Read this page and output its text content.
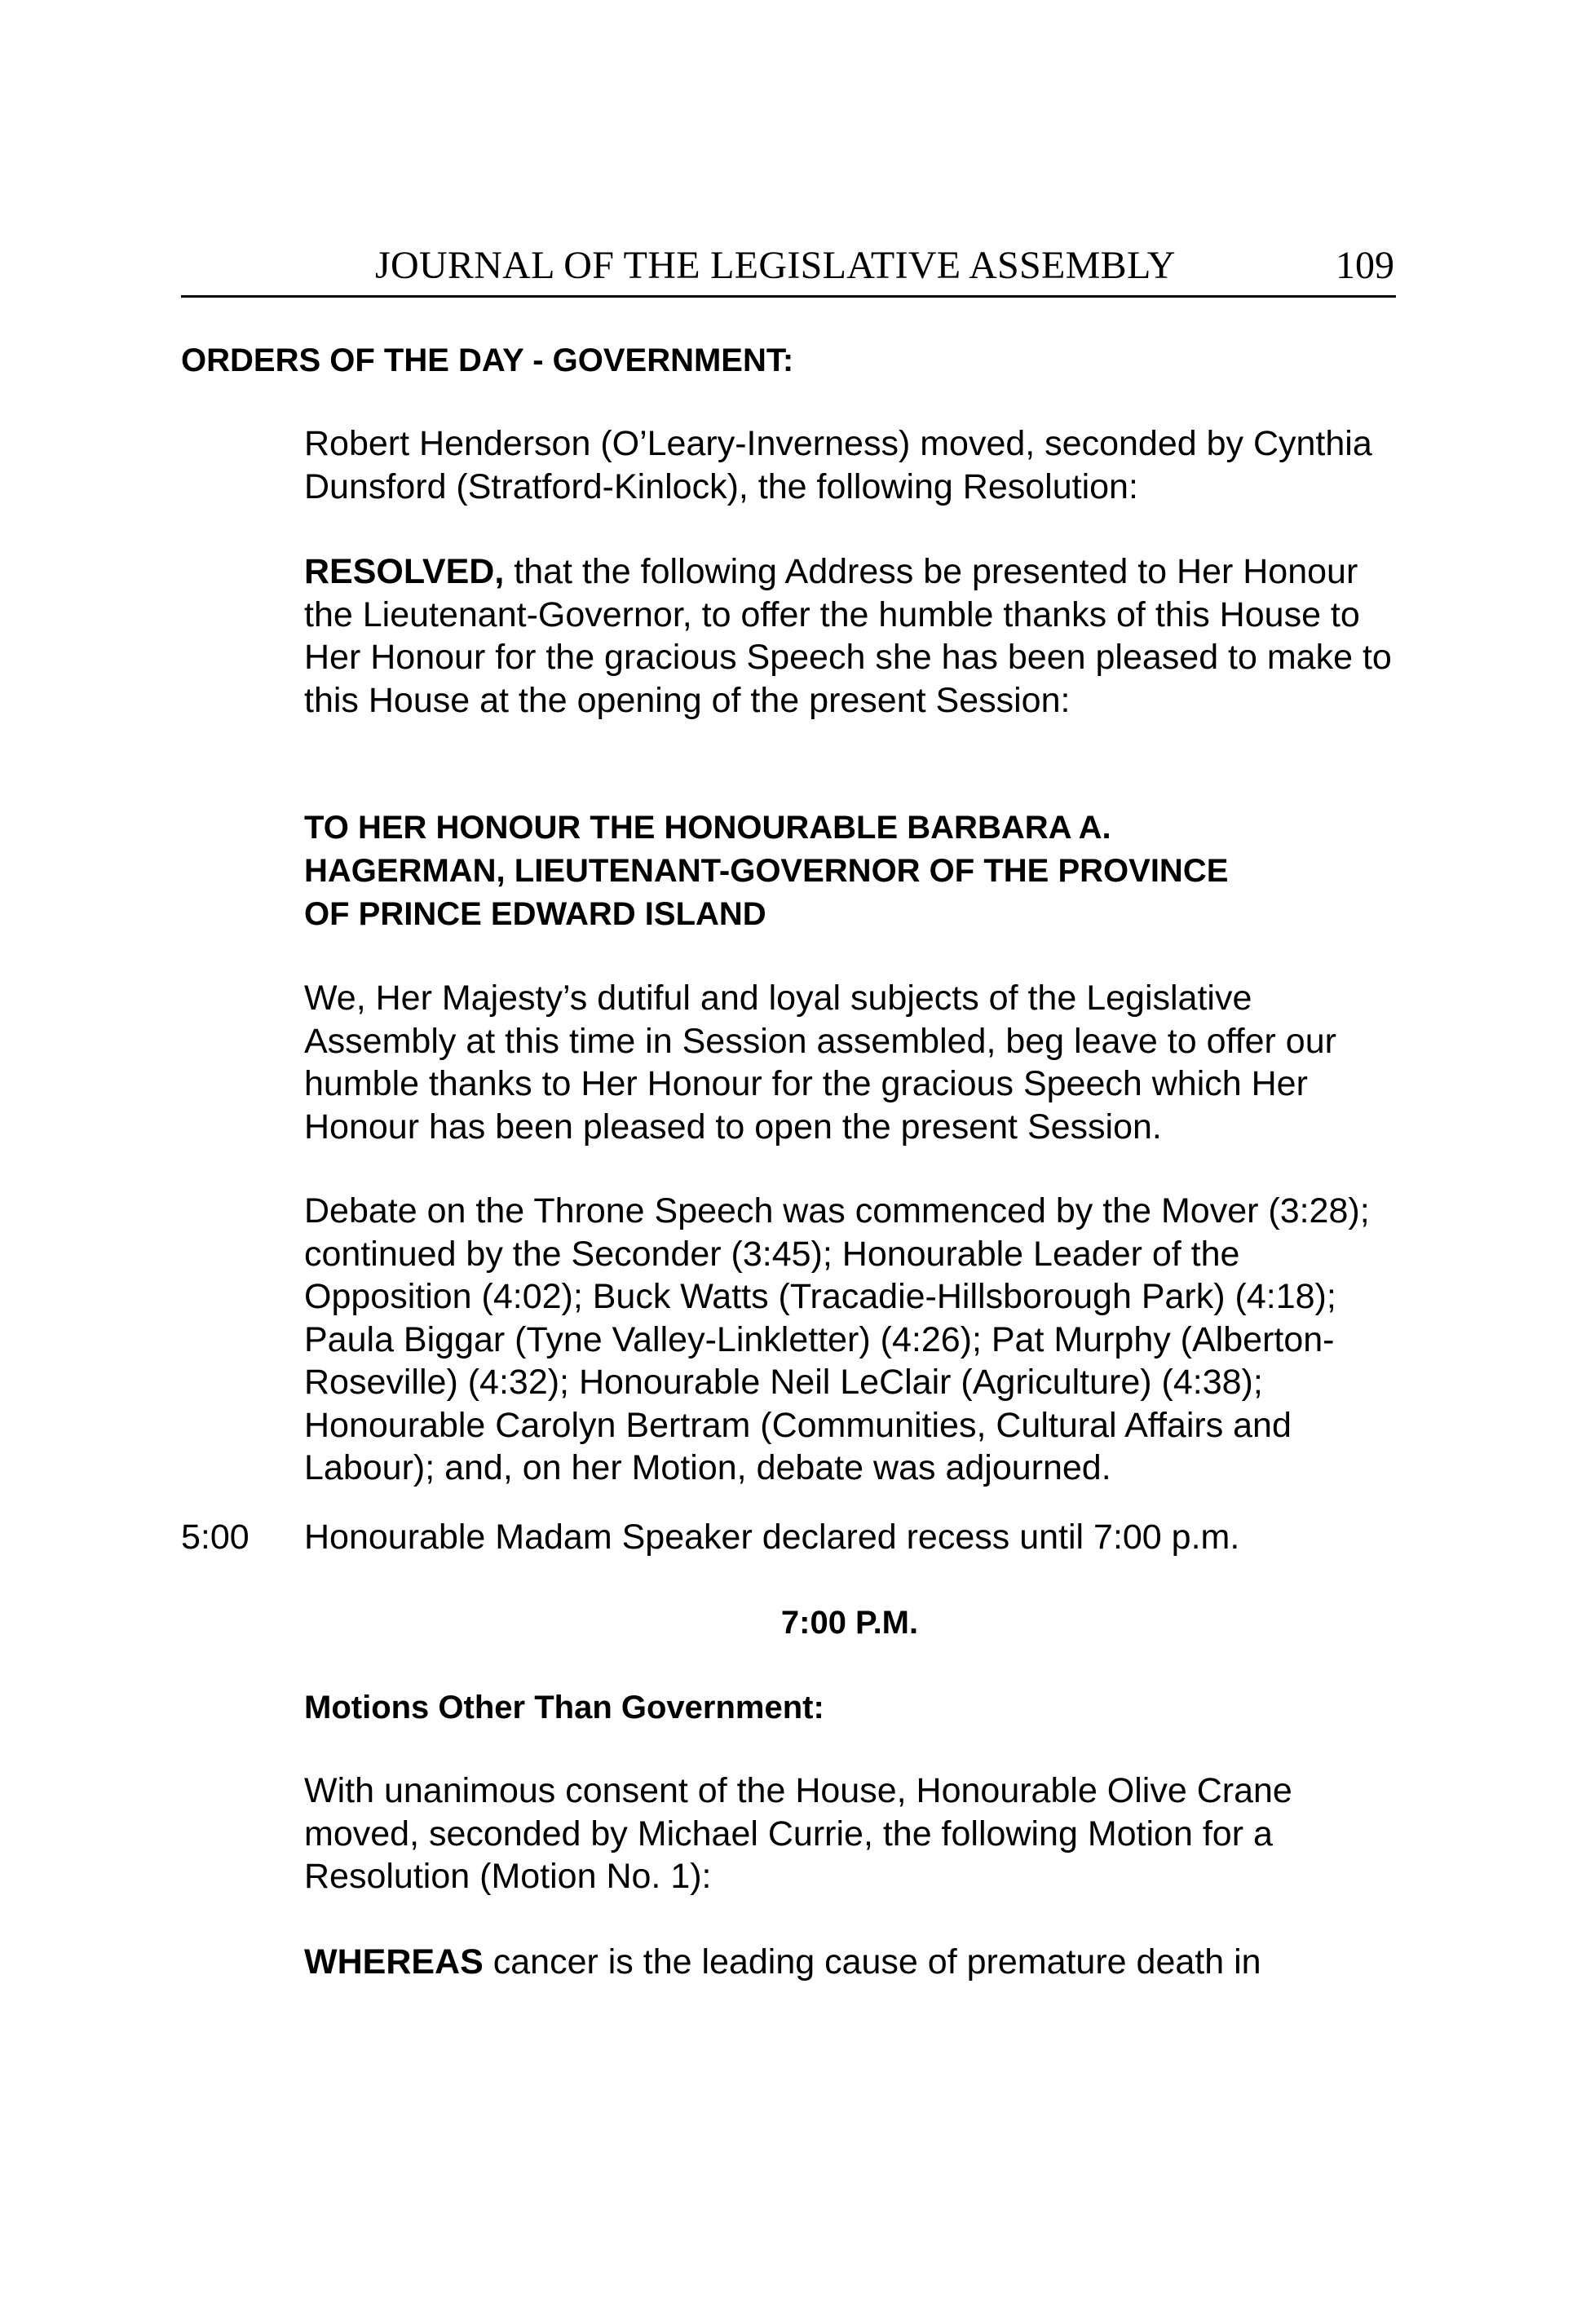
JOURNAL OF THE LEGISLATIVE ASSEMBLY	109
ORDERS OF THE DAY - GOVERNMENT:

Robert Henderson (O’Leary-Inverness) moved, seconded by Cynthia Dunsford (Stratford-Kinlock), the following Resolution:

RESOLVED, that the following Address be presented to Her Honour the Lieutenant-Governor, to offer the humble thanks of this House to Her Honour for the gracious Speech she has been pleased to make to this House at the opening of the present Session:

TO HER HONOUR THE HONOURABLE BARBARA A. HAGERMAN, LIEUTENANT-GOVERNOR OF THE PROVINCE OF PRINCE EDWARD ISLAND

We, Her Majesty’s dutiful and loyal subjects of the Legislative Assembly at this time in Session assembled, beg leave to offer our humble thanks to Her Honour for the gracious Speech which Her Honour has been pleased to open the present Session.

Debate on the Throne Speech was commenced by the Mover (3:28); continued by the Seconder (3:45); Honourable Leader of the Opposition (4:02); Buck Watts (Tracadie-Hillsborough Park) (4:18); Paula Biggar (Tyne Valley-Linkletter) (4:26); Pat Murphy (Alberton-Roseville) (4:32); Honourable Neil LeClair (Agriculture) (4:38); Honourable Carolyn Bertram (Communities, Cultural Affairs and Labour); and, on her Motion, debate was adjourned.

5:00 Honourable Madam Speaker declared recess until 7:00 p.m.
7:00 P.M.
Motions Other Than Government:

With unanimous consent of the House, Honourable Olive Crane moved, seconded by Michael Currie, the following Motion for a Resolution (Motion No. 1):

WHEREAS cancer is the leading cause of premature death in
